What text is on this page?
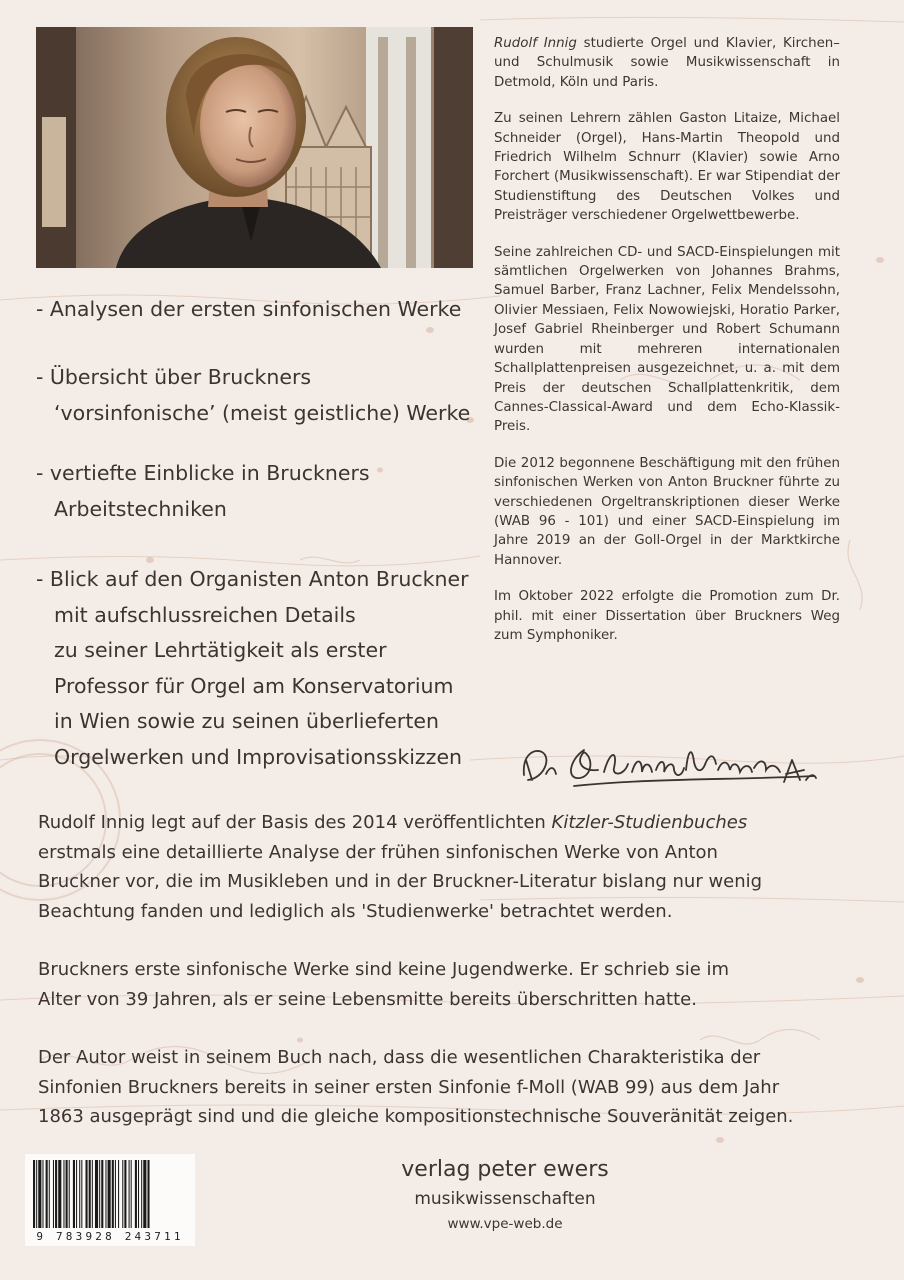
Rudolf Innig studierte Orgel und Klavier, Kirchen– und Schulmusik sowie Musikwissenschaft in Detmold, Köln und Paris.

Zu seinen Lehrern zählen Gaston Litaize, Michael Schneider (Orgel), Hans-Martin Theopold und Friedrich Wilhelm Schnurr (Klavier) sowie Arno Forchert (Musikwissenschaft). Er war Stipendiat der Studienstiftung des Deutschen Volkes und Preisträger verschiedener Orgelwettbewerbe.

Seine zahlreichen CD- und SACD-Einspielungen mit sämtlichen Orgelwerken von Johannes Brahms, Samuel Barber, Franz Lachner, Felix Mendelssohn, Olivier Messiaen, Felix Nowowiejski, Horatio Parker, Josef Gabriel Rheinberger und Robert Schumann wurden mit mehreren internationalen Schallplattenpreisen ausgezeichnet, u. a. mit dem Preis der deutschen Schallplattenkritik, dem Cannes-Classical-Award und dem Echo-Klassik-Preis.

Die 2012 begonnene Beschäftigung mit den frühen sinfonischen Werken von Anton Bruckner führte zu verschiedenen Orgeltranskriptionen dieser Werke (WAB 96 - 101) und einer SACD-Einspielung im Jahre 2019 an der Goll-Orgel in der Marktkirche Hannover.

Im Oktober 2022 erfolgte die Promotion zum Dr. phil. mit einer Dissertation über Bruckners Weg zum Symphoniker.

- Analysen der ersten sinfonischen Werke
- Übersicht über Bruckners
‘vorsinfonische’ (meist geistliche) Werke
- vertiefte Einblicke in Bruckners
Arbeitstechniken
- Blick auf den Organisten Anton Bruckner
mit aufschlussreichen Details
zu seiner Lehrtätigkeit als erster
Professor für Orgel am Konservatorium
in Wien sowie zu seinen überlieferten
Orgelwerken und Improvisationsskizzen

Rudolf Innig legt auf der Basis des 2014 veröffentlichten Kitzler-Studienbuches
erstmals eine detaillierte Analyse der frühen sinfonischen Werke von Anton
Bruckner vor, die im Musikleben und in der Bruckner-Literatur bislang nur wenig
Beachtung fanden und lediglich als 'Studienwerke' betrachtet werden.

Bruckners erste sinfonische Werke sind keine Jugendwerke. Er schrieb sie im
Alter von 39 Jahren, als er seine Lebensmitte bereits überschritten hatte.

Der Autor weist in seinem Buch nach, dass die wesentlichen Charakteristika der
Sinfonien Bruckners bereits in seiner ersten Sinfonie f-Moll (WAB 99) aus dem Jahr
1863 ausgeprägt sind und die gleiche kompositionstechnische Souveränität zeigen.

9 783928 243711
verlag peter ewers
musikwissenschaften
www.vpe-web.de
